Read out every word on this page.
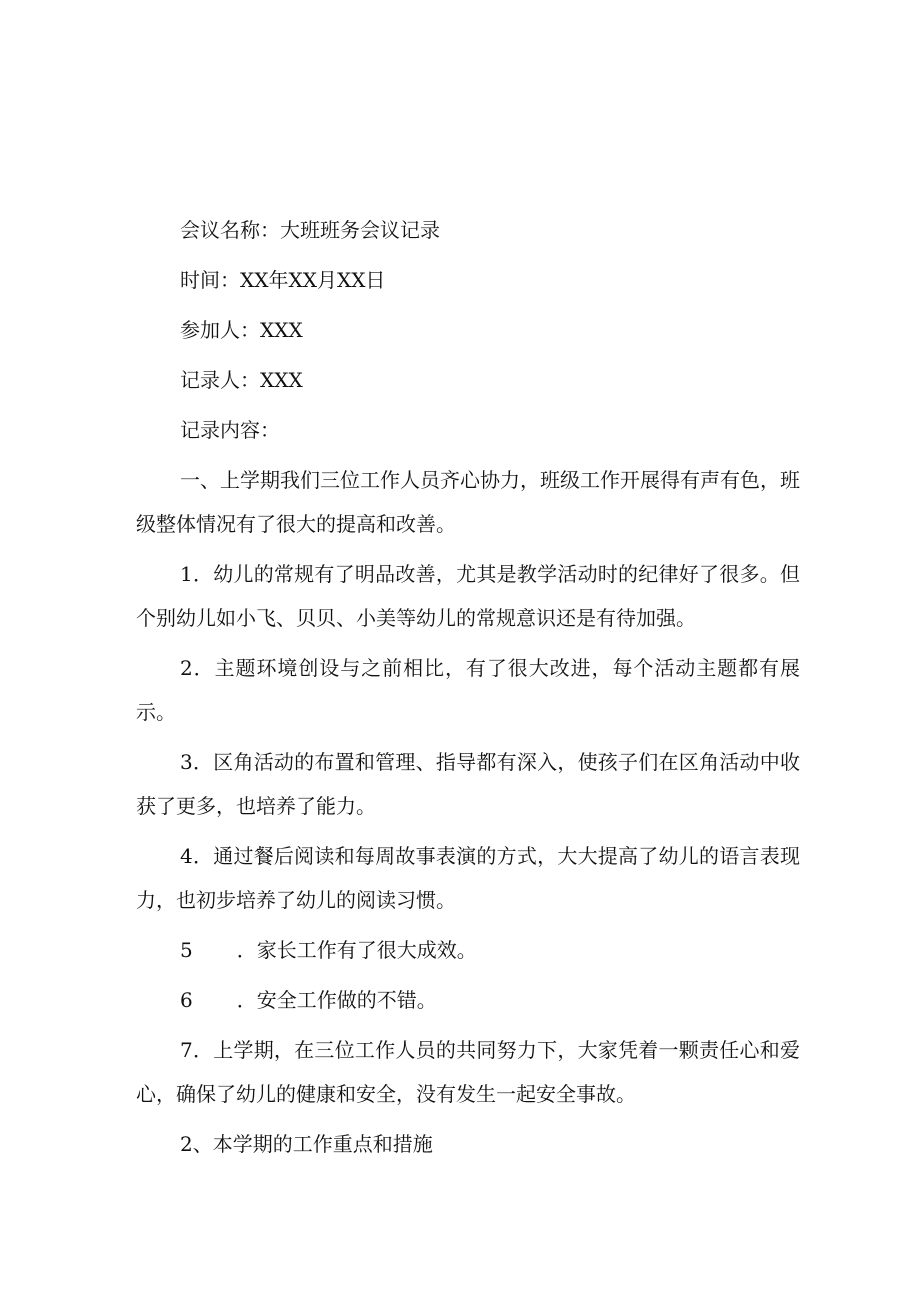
会议名称：大班班务会议记录

时间：XX年XX月XX日

参加人：XXX

记录人：XXX

记录内容：

一、上学期我们三位工作人员齐心协力，班级工作开展得有声有色，班级整体情况有了很大的提高和改善。

1．幼儿的常规有了明品改善，尤其是教学活动时的纪律好了很多。但个别幼儿如小飞、贝贝、小美等幼儿的常规意识还是有待加强。

2．主题环境创设与之前相比，有了很大改进，每个活动主题都有展示。

3．区角活动的布置和管理、指导都有深入，使孩子们在区角活动中收获了更多，也培养了能力。

4．通过餐后阅读和每周故事表演的方式，大大提高了幼儿的语言表现力，也初步培养了幼儿的阅读习惯。

5 ．家长工作有了很大成效。

6 ．安全工作做的不错。

7．上学期，在三位工作人员的共同努力下，大家凭着一颗责任心和爱心，确保了幼儿的健康和安全，没有发生一起安全事故。

2、本学期的工作重点和措施
